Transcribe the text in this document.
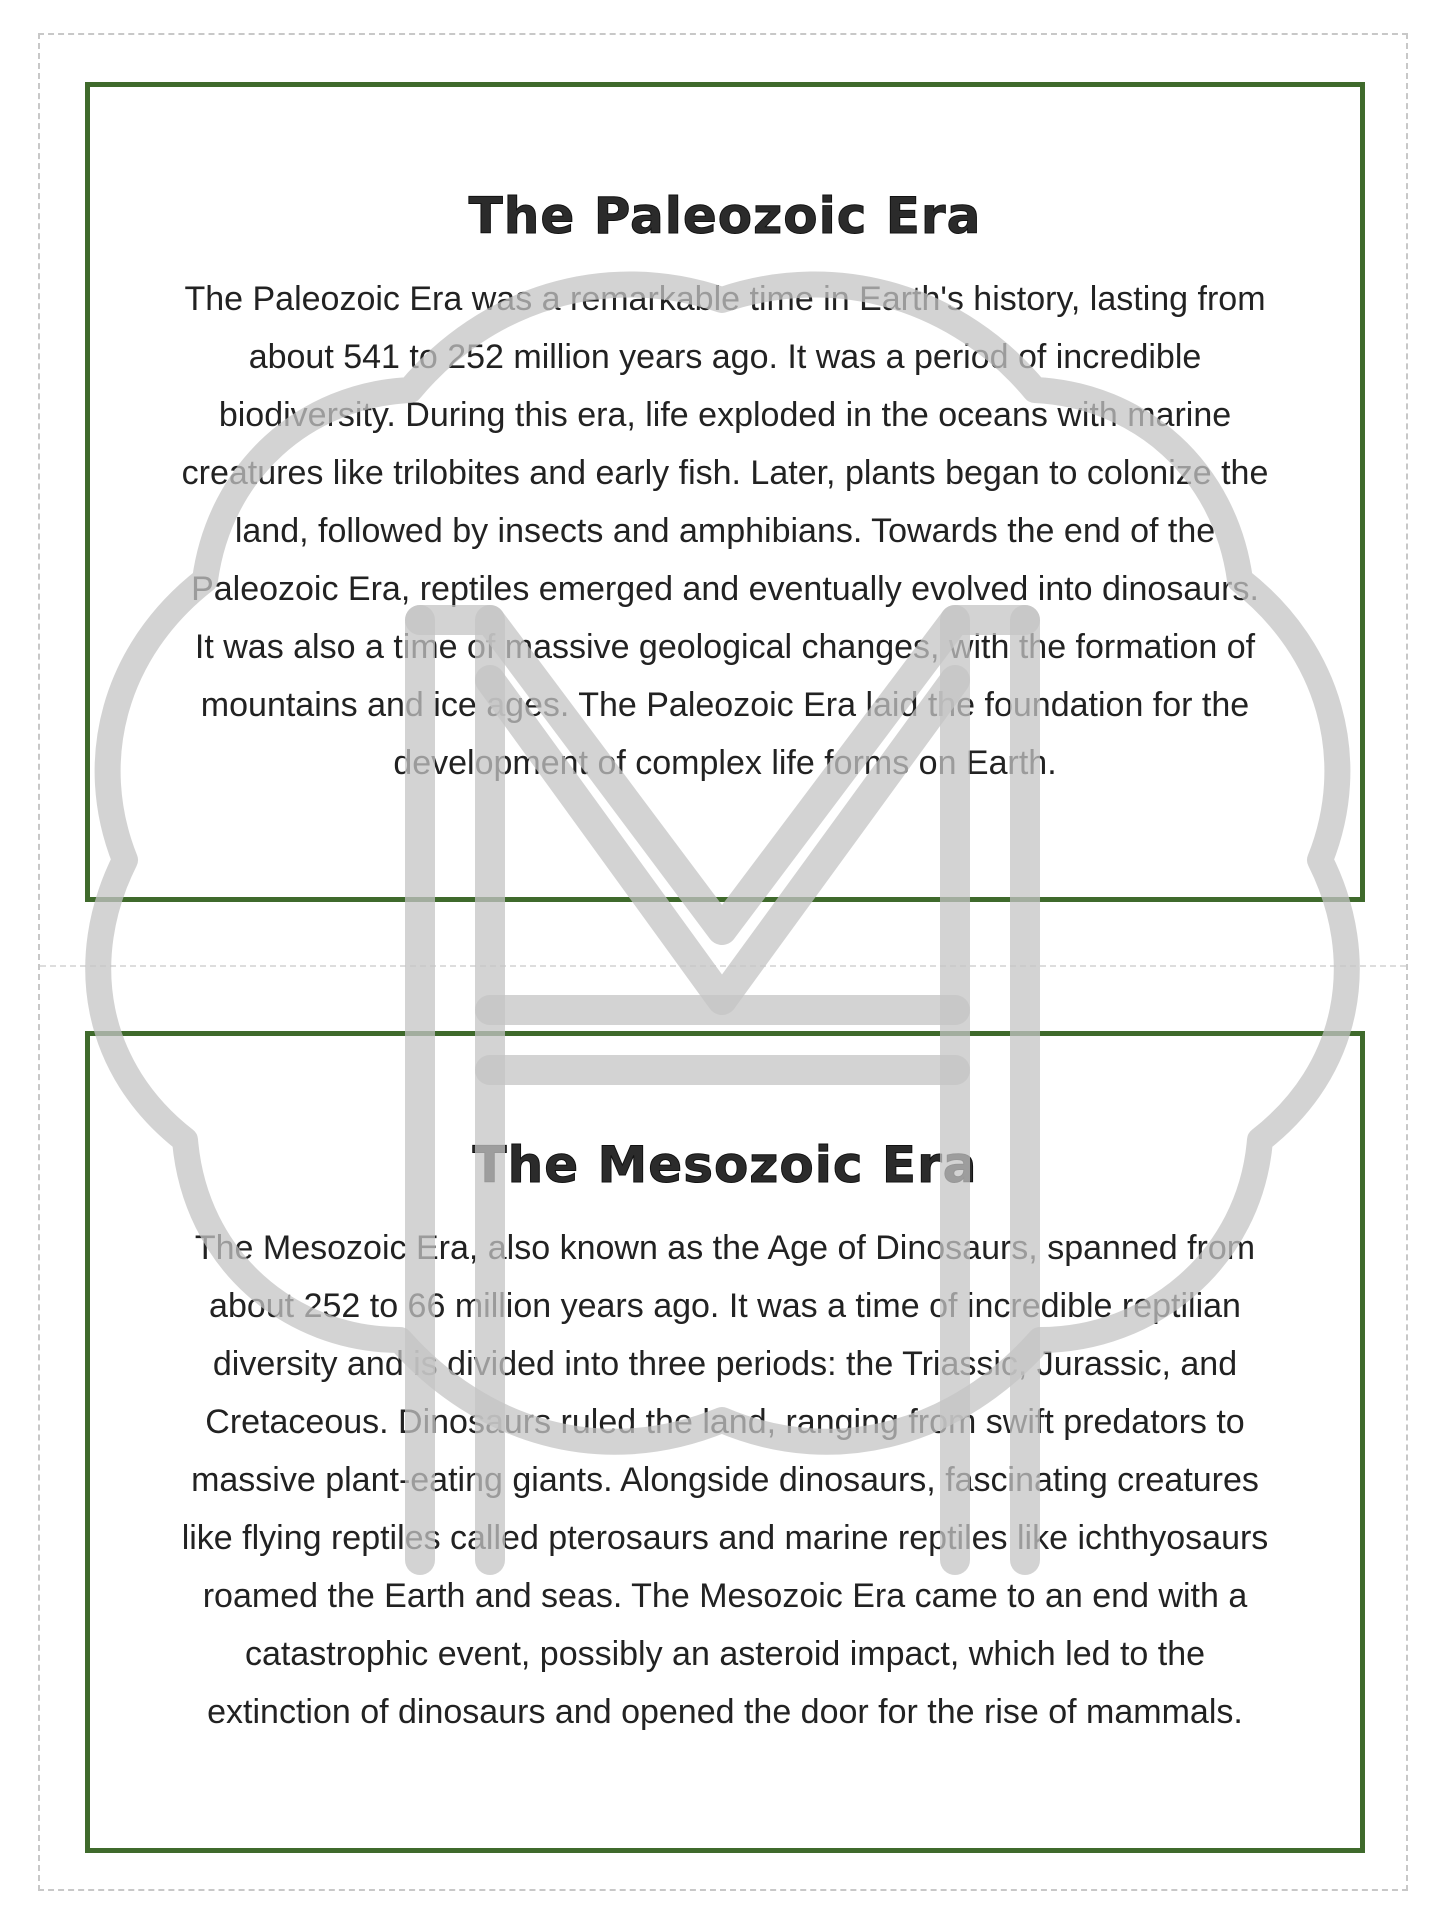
The Paleozoic Era

The Paleozoic Era was a remarkable time in Earth's history, lasting from
about 541 to 252 million years ago. It was a period of incredible
biodiversity. During this era, life exploded in the oceans with marine
creatures like trilobites and early fish. Later, plants began to colonize the
land, followed by insects and amphibians. Towards the end of the
Paleozoic Era, reptiles emerged and eventually evolved into dinosaurs.
It was also a time of massive geological changes, with the formation of
mountains and ice ages. The Paleozoic Era laid the foundation for the
development of complex life forms on Earth.

The Mesozoic Era

The Mesozoic Era, also known as the Age of Dinosaurs, spanned from
about 252 to 66 million years ago. It was a time of incredible reptilian
diversity and is divided into three periods: the Triassic, Jurassic, and
Cretaceous. Dinosaurs ruled the land, ranging from swift predators to
massive plant-eating giants. Alongside dinosaurs, fascinating creatures
like flying reptiles called pterosaurs and marine reptiles like ichthyosaurs
roamed the Earth and seas. The Mesozoic Era came to an end with a
catastrophic event, possibly an asteroid impact, which led to the
extinction of dinosaurs and opened the door for the rise of mammals.
